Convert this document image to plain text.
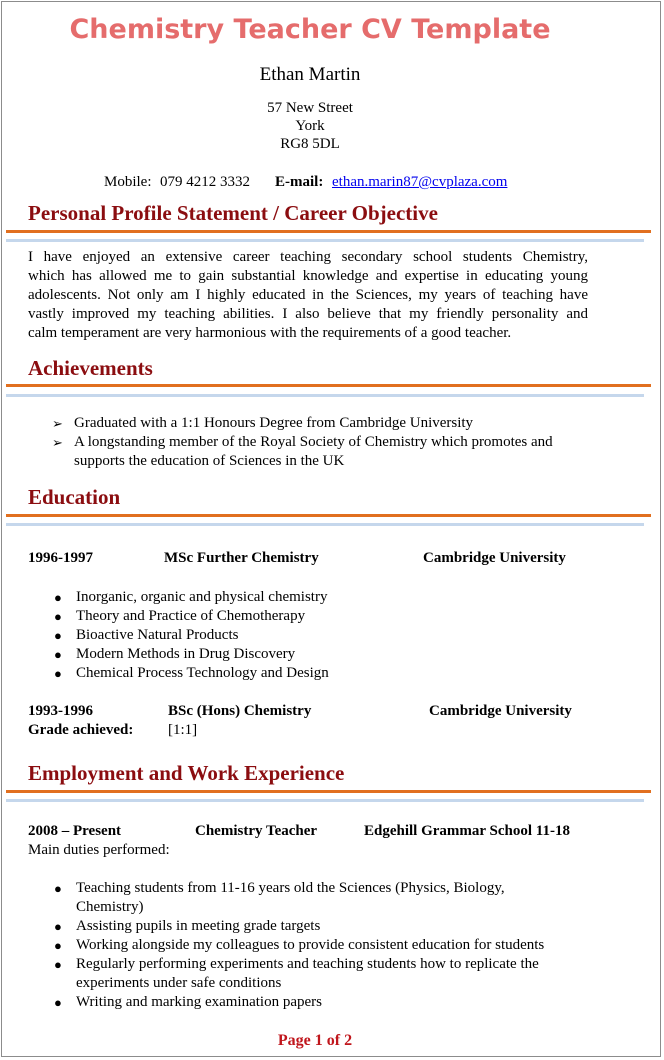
Chemistry Teacher CV Template
Ethan Martin
57 New Street
York
RG8 5DL
Mobile: 079 4212 3332 E-mail: ethan.marin87@cvplaza.com
Personal Profile Statement / Career Objective
I have enjoyed an extensive career teaching secondary school students Chemistry,
which has allowed me to gain substantial knowledge and expertise in educating young
adolescents. Not only am I highly educated in the Sciences, my years of teaching have
vastly improved my teaching abilities. I also believe that my friendly personality and
calm temperament are very harmonious with the requirements of a good teacher.
Achievements
➢ Graduated with a 1:1 Honours Degree from Cambridge University
➢ A longstanding member of the Royal Society of Chemistry which promotes and
supports the education of Sciences in the UK
Education
1996-1997	MSc Further Chemistry	Cambridge University
● Inorganic, organic and physical chemistry
● Theory and Practice of Chemotherapy
● Bioactive Natural Products
● Modern Methods in Drug Discovery
● Chemical Process Technology and Design
1993-1996	BSc (Hons) Chemistry	Cambridge University
Grade achieved: [1:1]
Employment and Work Experience
2008 – Present	Chemistry Teacher	Edgehill Grammar School 11-18
Main duties performed:
● Teaching students from 11-16 years old the Sciences (Physics, Biology,
Chemistry)
● Assisting pupils in meeting grade targets
● Working alongside my colleagues to provide consistent education for students
● Regularly performing experiments and teaching students how to replicate the
experiments under safe conditions
● Writing and marking examination papers
Page 1 of 2
